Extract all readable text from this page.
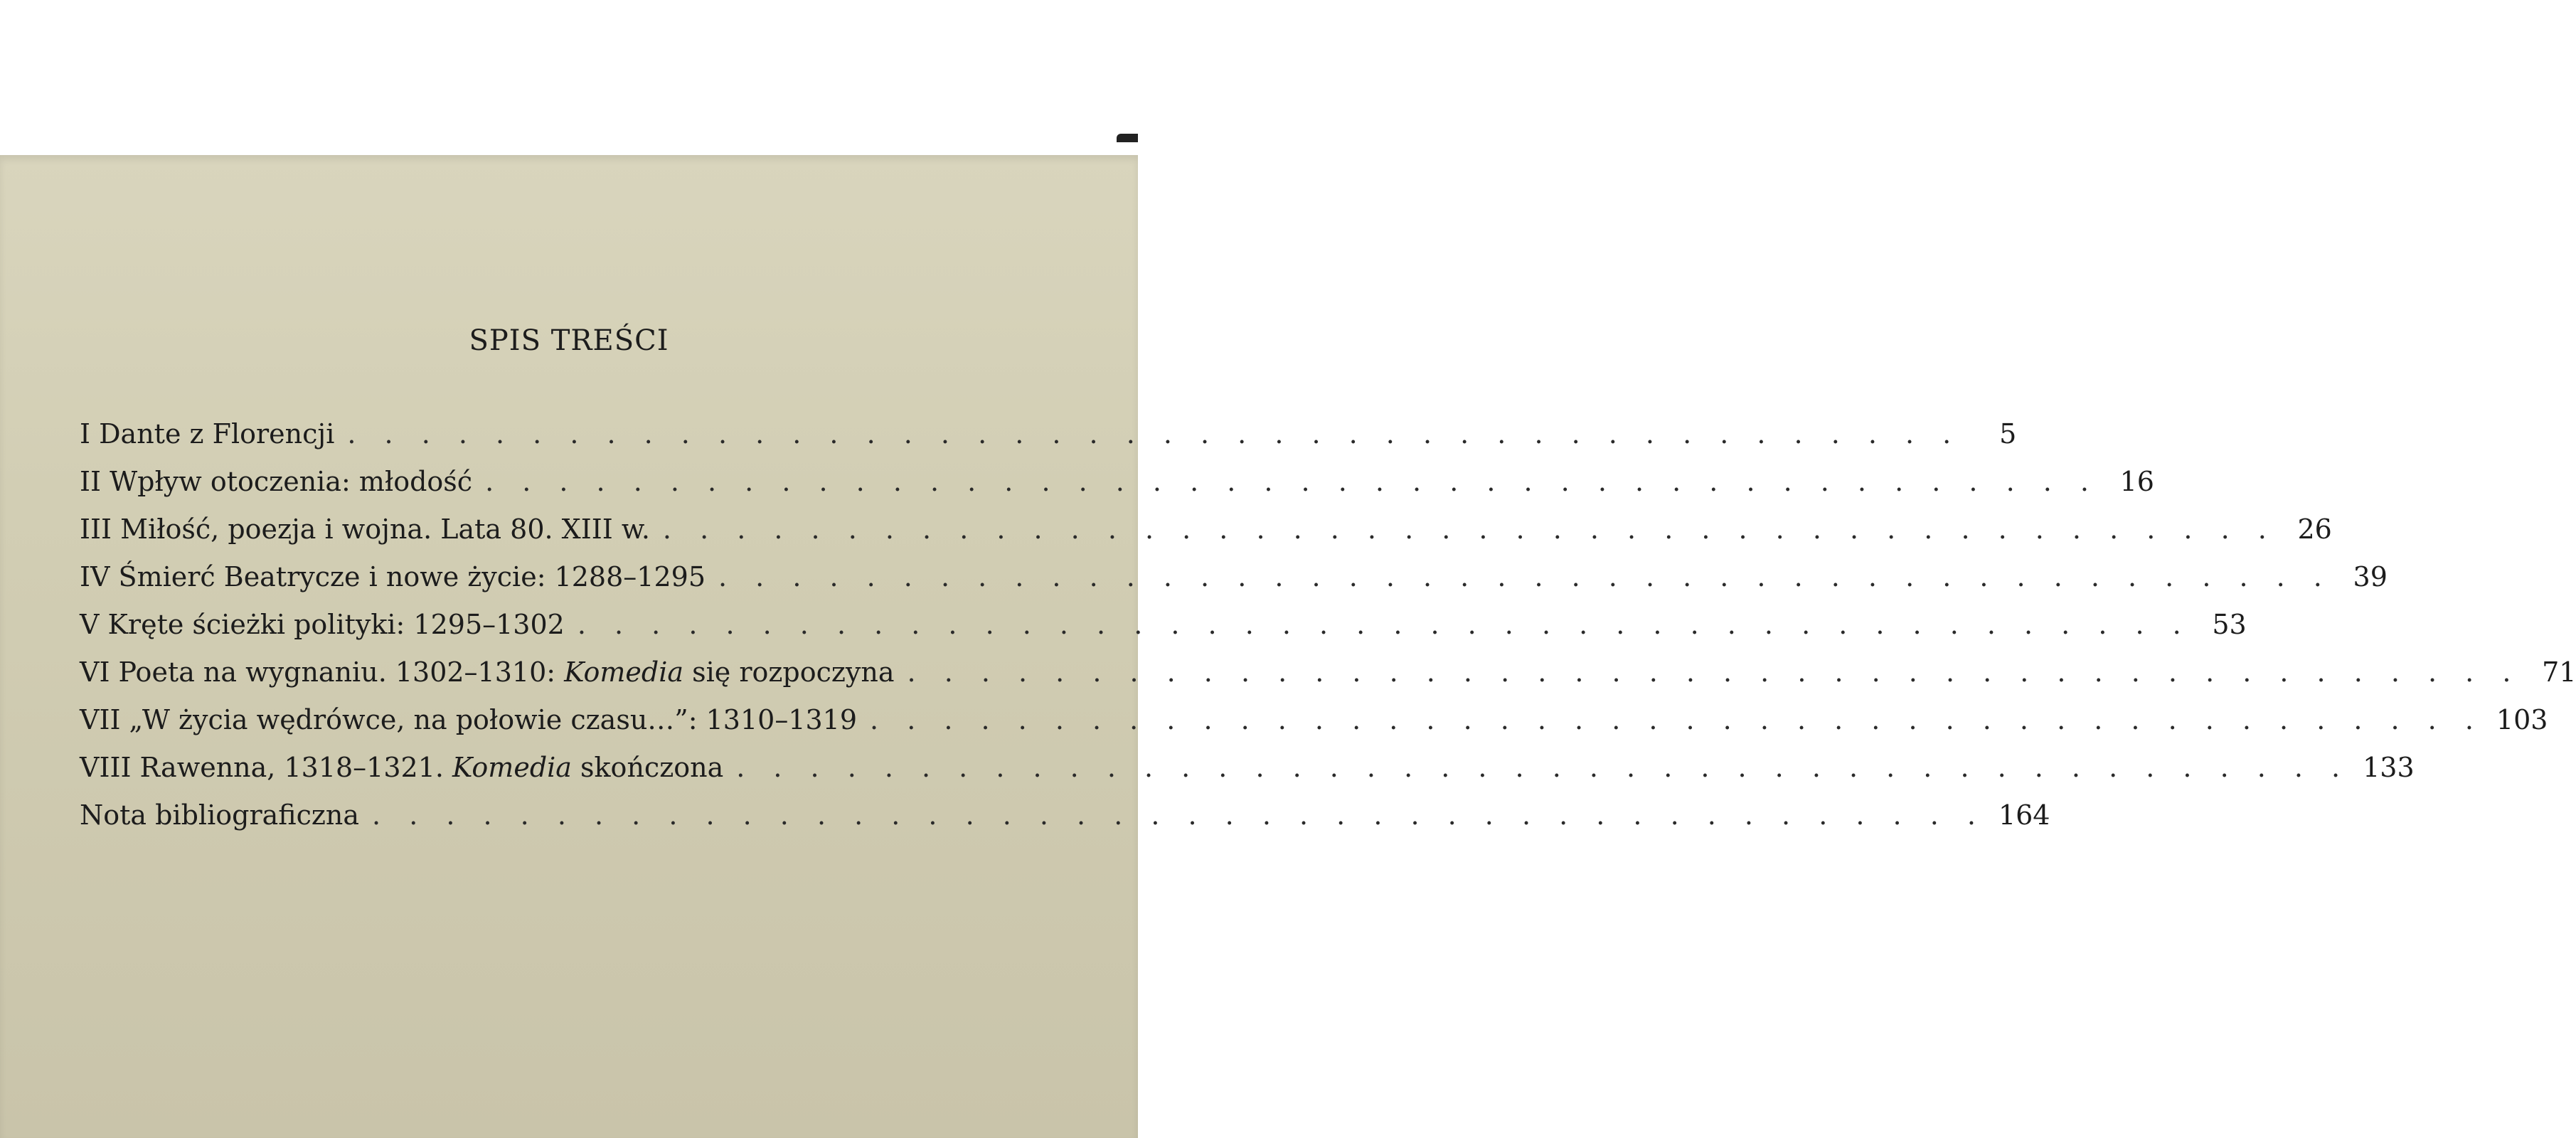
SPIS TREŚCI
I Dante z Florencji . . . . . . . . . . . . . . . . . . . . . . . . . . . . . . . . . . . . . . . . . . . .	5
II Wpływ otoczenia: młodość . . . . . . . . . . . . . . . . . . . . . . . . . . . . . . . . . . . . . . . . . . . . 16
III Miłość, poezja i wojna. Lata 80. XIII w. . . . . . . . . . . . . . . . . . . . . . . . . . . . . . . . . . . . . . . . . . . . . 26
IV Śmierć Beatrycze i nowe życie: 1288–1295 . . . . . . . . . . . . . . . . . . . . . . . . . . . . . . . . . . . . . . . . . . . . 39
V Kręte ścieżki polityki: 1295–1302 . . . . . . . . . . . . . . . . . . . . . . . . . . . . . . . . . . . . . . . . . . . . 53
VI Poeta na wygnaniu. 1302–1310: Komedia się rozpoczyna . . . . . . . . . . . . . . . . . . . . . . . . . . . . . . . . . . . . . . . . . . . . 71
VII „W życia wędrówce, na połowie czasu…”: 1310–1319 . . . . . . . . . . . . . . . . . . . . . . . . . . . . . . . . . . . . . . . . . . . . 103
VIII Rawenna, 1318–1321. Komedia skończona . . . . . . . . . . . . . . . . . . . . . . . . . . . . . . . . . . . . . . . . . . . . 133
Nota bibliograficzna . . . . . . . . . . . . . . . . . . . . . . . . . . . . . . . . . . . . . . . . . . . . 164
